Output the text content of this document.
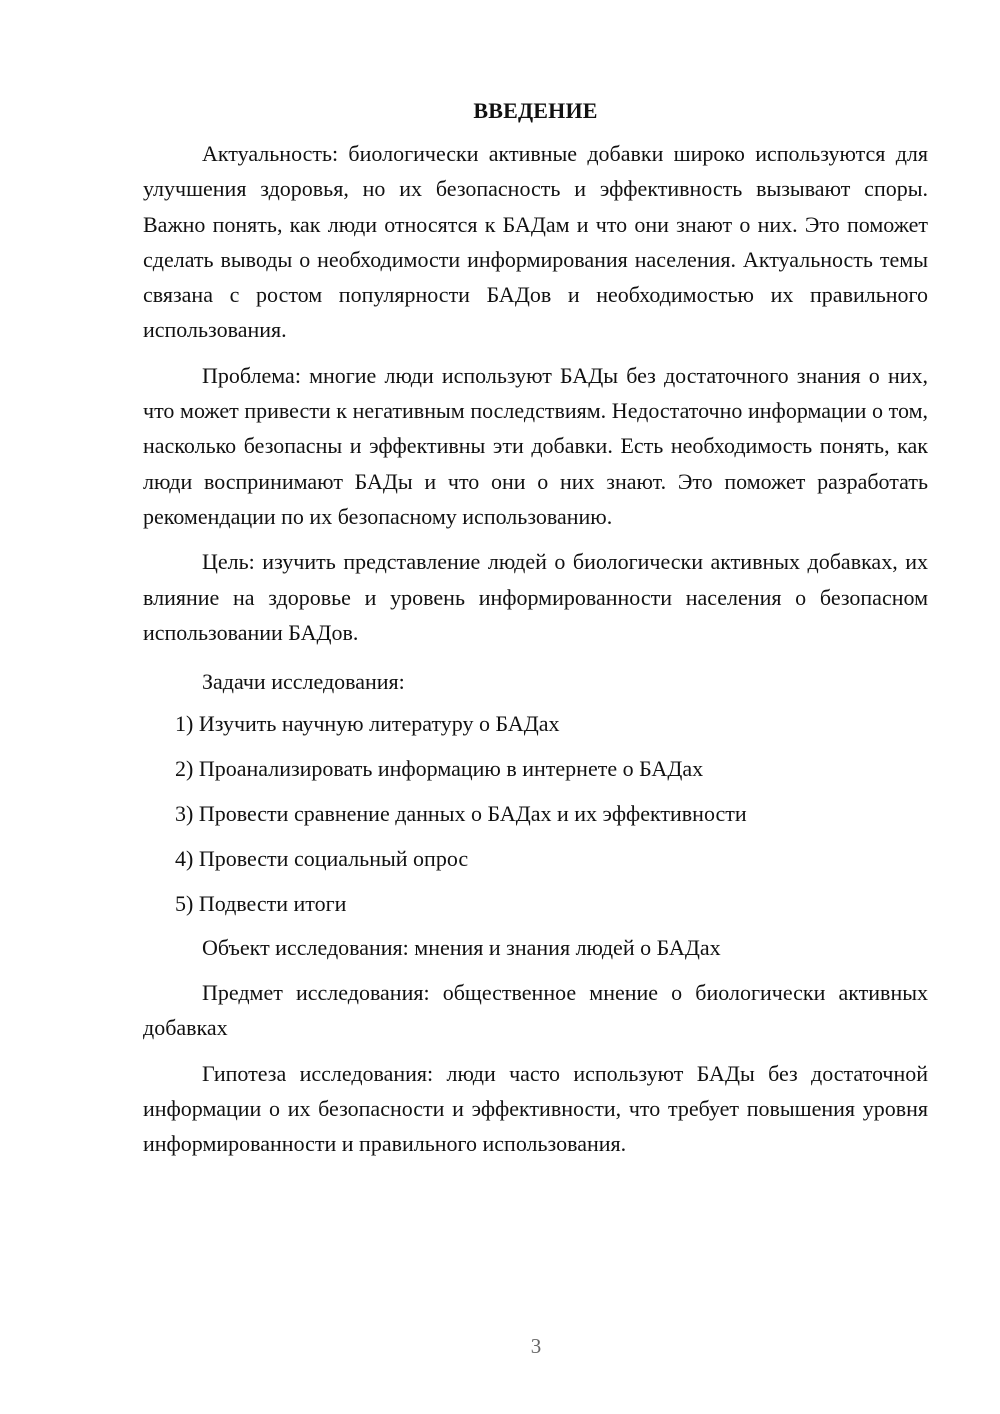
ВВЕДЕНИЕ

Актуальность: биологически активные добавки широко используются для улучшения здоровья, но их безопасность и эффективность вызывают споры. Важно понять, как люди относятся к БАДам и что они знают о них. Это поможет сделать выводы о необходимости информирования населения. Актуальность темы связана с ростом популярности БАДов и необходимостью их правильного использования.

Проблема: многие люди используют БАДы без достаточного знания о них, что может привести к негативным последствиям. Недостаточно информации о том, насколько безопасны и эффективны эти добавки. Есть необходимость понять, как люди воспринимают БАДы и что они о них знают. Это поможет разработать рекомендации по их безопасному использованию.

Цель: изучить представление людей о биологически активных добавках, их влияние на здоровье и уровень информированности населения о безопасном использовании БАДов.

Задачи исследования:

1) Изучить научную литературу о БАДах
2) Проанализировать информацию в интернете о БАДах
3) Провести сравнение данных о БАДах и их эффективности
4) Провести социальный опрос
5) Подвести итоги

Объект исследования: мнения и знания людей о БАДах

Предмет исследования: общественное мнение о биологически активных добавках

Гипотеза исследования: люди часто используют БАДы без достаточной информации о их безопасности и эффективности, что требует повышения уровня информированности и правильного использования.

3
